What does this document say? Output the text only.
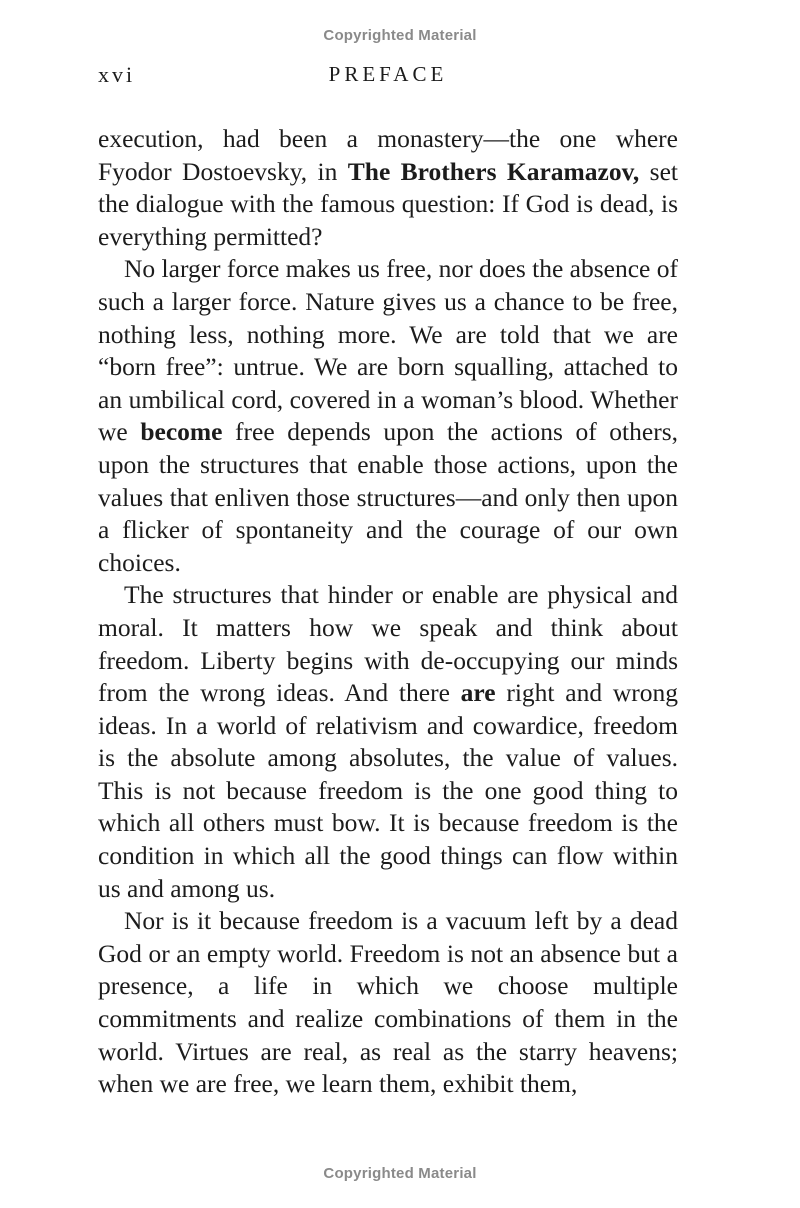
Copyrighted Material
xvi	PREFACE

execution, had been a monastery—the one where Fyodor Dostoevsky, in The Brothers Karamazov, set the dialogue with the famous question: If God is dead, is everything permitted?

No larger force makes us free, nor does the absence of such a larger force. Nature gives us a chance to be free, nothing less, nothing more. We are told that we are “born free”: untrue. We are born squalling, attached to an umbilical cord, covered in a woman’s blood. Whether we become free depends upon the actions of others, upon the structures that enable those actions, upon the values that enliven those structures—and only then upon a flicker of spontaneity and the courage of our own choices.

The structures that hinder or enable are physical and moral. It matters how we speak and think about freedom. Liberty begins with de-occupying our minds from the wrong ideas. And there are right and wrong ideas. In a world of relativism and cowardice, freedom is the absolute among absolutes, the value of values. This is not because freedom is the one good thing to which all others must bow. It is because freedom is the condition in which all the good things can flow within us and among us.

Nor is it because freedom is a vacuum left by a dead God or an empty world. Freedom is not an absence but a presence, a life in which we choose multiple commitments and realize combinations of them in the world. Virtues are real, as real as the starry heavens; when we are free, we learn them, exhibit them,

Copyrighted Material
